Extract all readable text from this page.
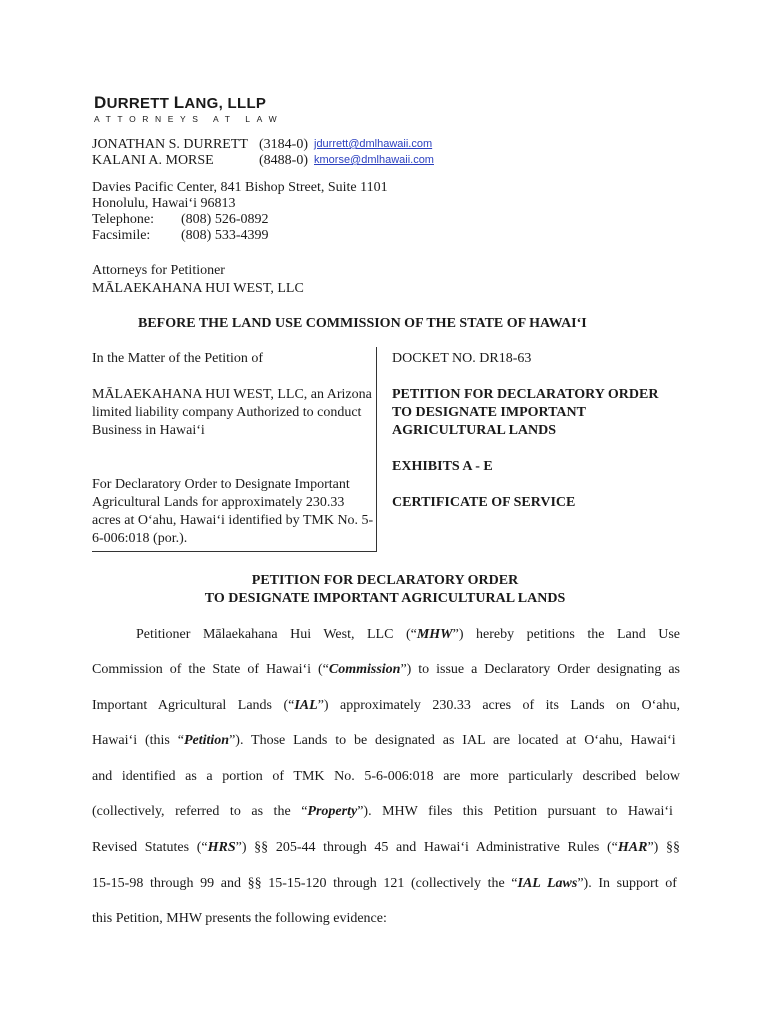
DURRETT LANG, LLLP
ATTORNEYS AT LAW
JONATHAN S. DURRETT (3184-0) jdurrett@dmlhawaii.com
KALANI A. MORSE	(8488-0) kmorse@dmlhawaii.com
Davies Pacific Center, 841 Bishop Street, Suite 1101
Honolulu, Hawai‘i 96813
Telephone: (808) 526-0892
Facsimile: (808) 533-4399
Attorneys for Petitioner
MĀLAEKAHANA HUI WEST, LLC
BEFORE THE LAND USE COMMISSION OF THE STATE OF HAWAI‘I

In the Matter of the Petition of

MĀLAEKAHANA HUI WEST, LLC, an Arizona limited liability company Authorized to conduct Business in Hawai‘i

For Declaratory Order to Designate Important Agricultural Lands for approximately 230.33 acres at O‘ahu, Hawai‘i identified by TMK No. 5-6-006:018 (por.).

DOCKET NO. DR18-63

PETITION FOR DECLARATORY ORDER TO DESIGNATE IMPORTANT AGRICULTURAL LANDS

EXHIBITS A - E

CERTIFICATE OF SERVICE

PETITION FOR DECLARATORY ORDER
TO DESIGNATE IMPORTANT AGRICULTURAL LANDS
Petitioner Mālaekahana Hui West, LLC (“MHW”) hereby petitions the Land Use
Commission of the State of Hawai‘i (“Commission”) to issue a Declaratory Order designating as
Important Agricultural Lands (“IAL”) approximately 230.33 acres of its Lands on O‘ahu,
Hawai‘i (this “Petition”). Those Lands to be designated as IAL are located at O‘ahu, Hawai‘i
and identified as a portion of TMK No. 5-6-006:018 are more particularly described below
(collectively, referred to as the “Property”). MHW files this Petition pursuant to Hawai‘i
Revised Statutes (“HRS”) §§ 205-44 through 45 and Hawai‘i Administrative Rules (“HAR”) §§
15-15-98 through 99 and §§ 15-15-120 through 121 (collectively the “IAL Laws”). In support of
this Petition, MHW presents the following evidence:
